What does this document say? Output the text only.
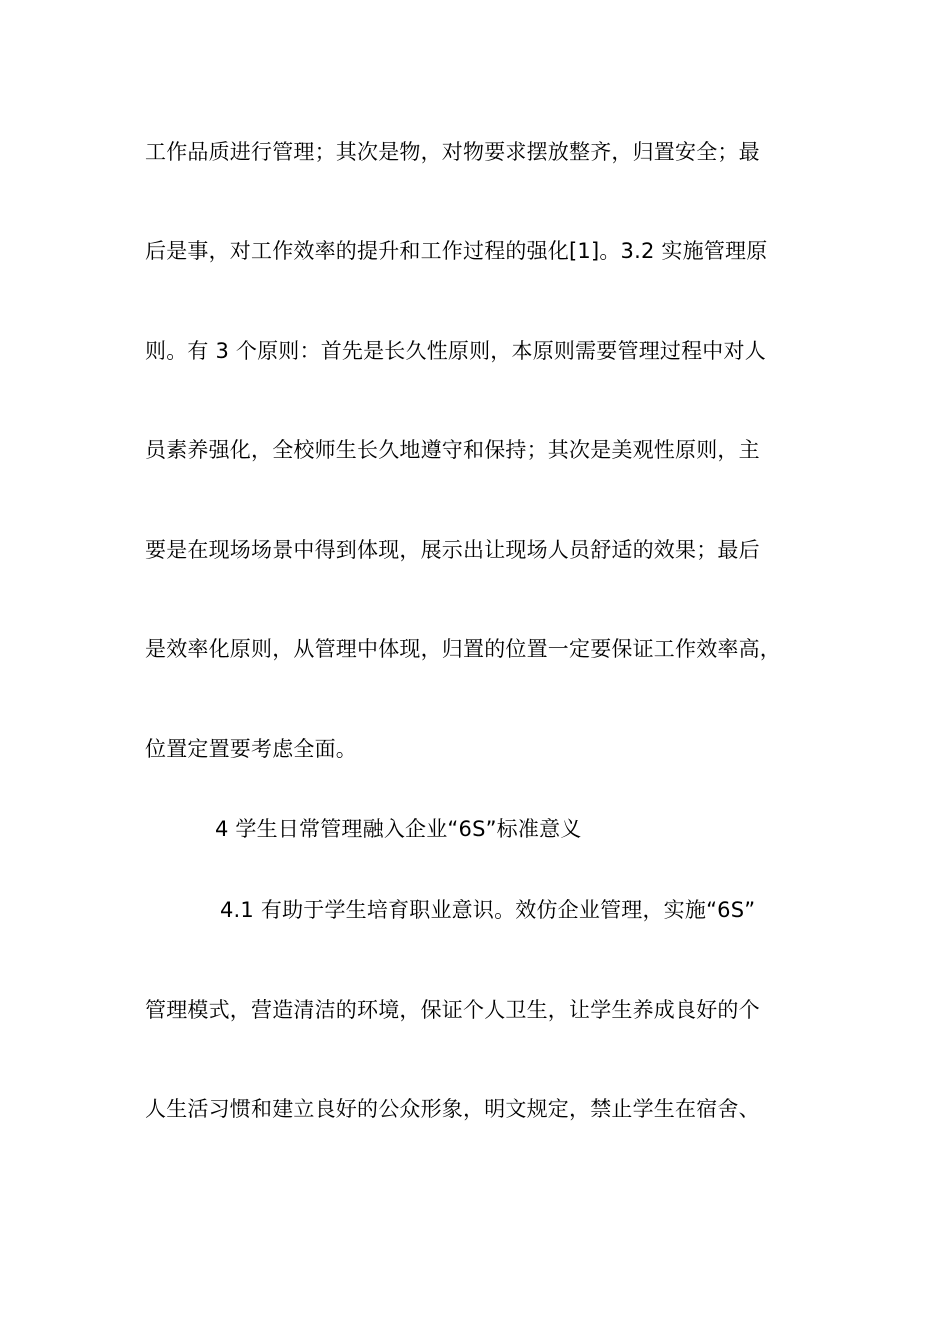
工作品质进行管理；其次是物，对物要求摆放整齐，归置安全；最
后是事，对工作效率的提升和工作过程的强化[1]。3.2 实施管理原
则。有 3 个原则：首先是长久性原则，本原则需要管理过程中对人
员素养强化，全校师生长久地遵守和保持；其次是美观性原则，主
要是在现场场景中得到体现，展示出让现场人员舒适的效果；最后
是效率化原则，从管理中体现，归置的位置一定要保证工作效率高，
位置定置要考虑全面。
4 学生日常管理融入企业“6S”标准意义
4.1 有助于学生培育职业意识。效仿企业管理，实施“6S”
管理模式，营造清洁的环境，保证个人卫生，让学生养成良好的个
人生活习惯和建立良好的公众形象，明文规定，禁止学生在宿舍、
